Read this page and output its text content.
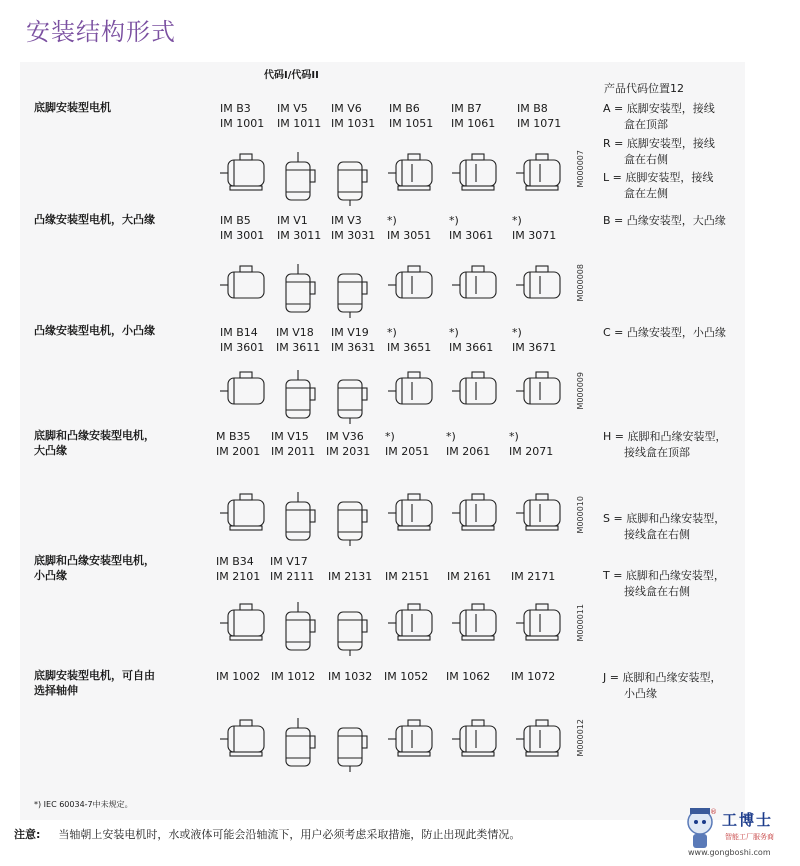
安装结构形式
代码I/代码II
产品代码位置12
底脚安装型电机
凸缘安装型电机，大凸缘
凸缘安装型电机，小凸缘
底脚和凸缘安装型电机，
大凸缘
底脚和凸缘安装型电机，
小凸缘
底脚安装型电机，可自由
选择轴伸
IM B3
IM 1001
IM V5
IM 1011
IM V6
IM 1031
IM B6
IM 1051
IM B7
IM 1061
IM B8
IM 1071
IM B5
IM 3001
IM V1
IM 3011
IM V3
IM 3031
*)
IM 3051
*)
IM 3061
*)
IM 3071
IM B14
IM 3601
IM V18
IM 3611
IM V19
IM 3631
*)
IM 3651
*)
IM 3661
*)
IM 3671
M B35
IM 2001
IM V15
IM 2011
IM V36
IM 2031
*)
IM 2051
*)
IM 2061
*)
IM 2071
IM B34
IM 2101
IM V17
IM 2111 IM 2131 IM 2151 IM 2161 IM 2171
IM 1002 IM 1012 IM 1032 IM 1052 IM 1062 IM 1072
M000007
M000008
M000009
M000010
M000011
M000012
A = 底脚安装型，接线
盒在顶部
R = 底脚安装型，接线
盒在右侧
L = 底脚安装型，接线
盒在左侧
B = 凸缘安装型，大凸缘
C = 凸缘安装型，小凸缘
H = 底脚和凸缘安装型，
接线盒在顶部
S = 底脚和凸缘安装型，
接线盒在右侧
T = 底脚和凸缘安装型，
接线盒在右侧
J = 底脚和凸缘安装型，
小凸缘
*) IEC 60034-7中未规定。
注意: 当轴朝上安装电机时，水或液体可能会沿轴流下，用户必须考虑采取措施，防止出现此类情况。
® 工博士
智能工厂服务商
www.gongboshi.com
